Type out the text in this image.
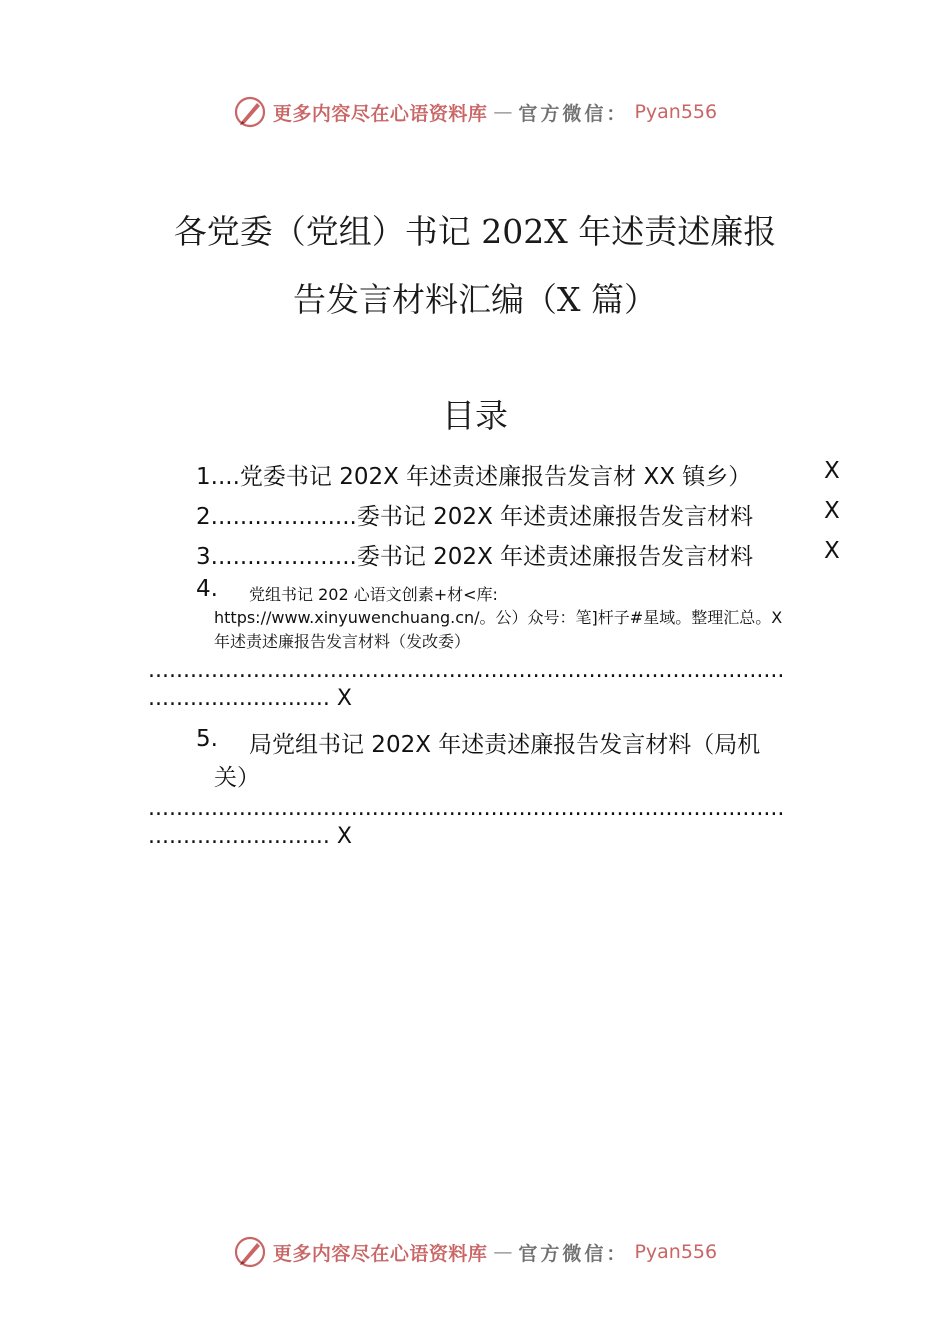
更多内容尽在心语资料库 — 官方微信： Pyan556
各党委（党组）书记 202X 年述责述廉报
告发言材料汇编（X 篇）
目录
1....党委书记 202X 年述责述廉报告发言材 XX 镇乡）	X
2....................委书记 202X 年述责述廉报告发言材料	X
3....................委书记 202X 年述责述廉报告发言材料	X
4. 党组书记 202 心语文创素+材<库:
https://www.xinyuwenchuang.cn/。公）众号：笔]杆子#星域。整理汇总。X
年述责述廉报告发言材料（发改委）
...........................................................................................
.......................... X
5. 局党组书记 202X 年述责述廉报告发言材料（局机
关）
...........................................................................................
.......................... X
更多内容尽在心语资料库 — 官方微信： Pyan556
